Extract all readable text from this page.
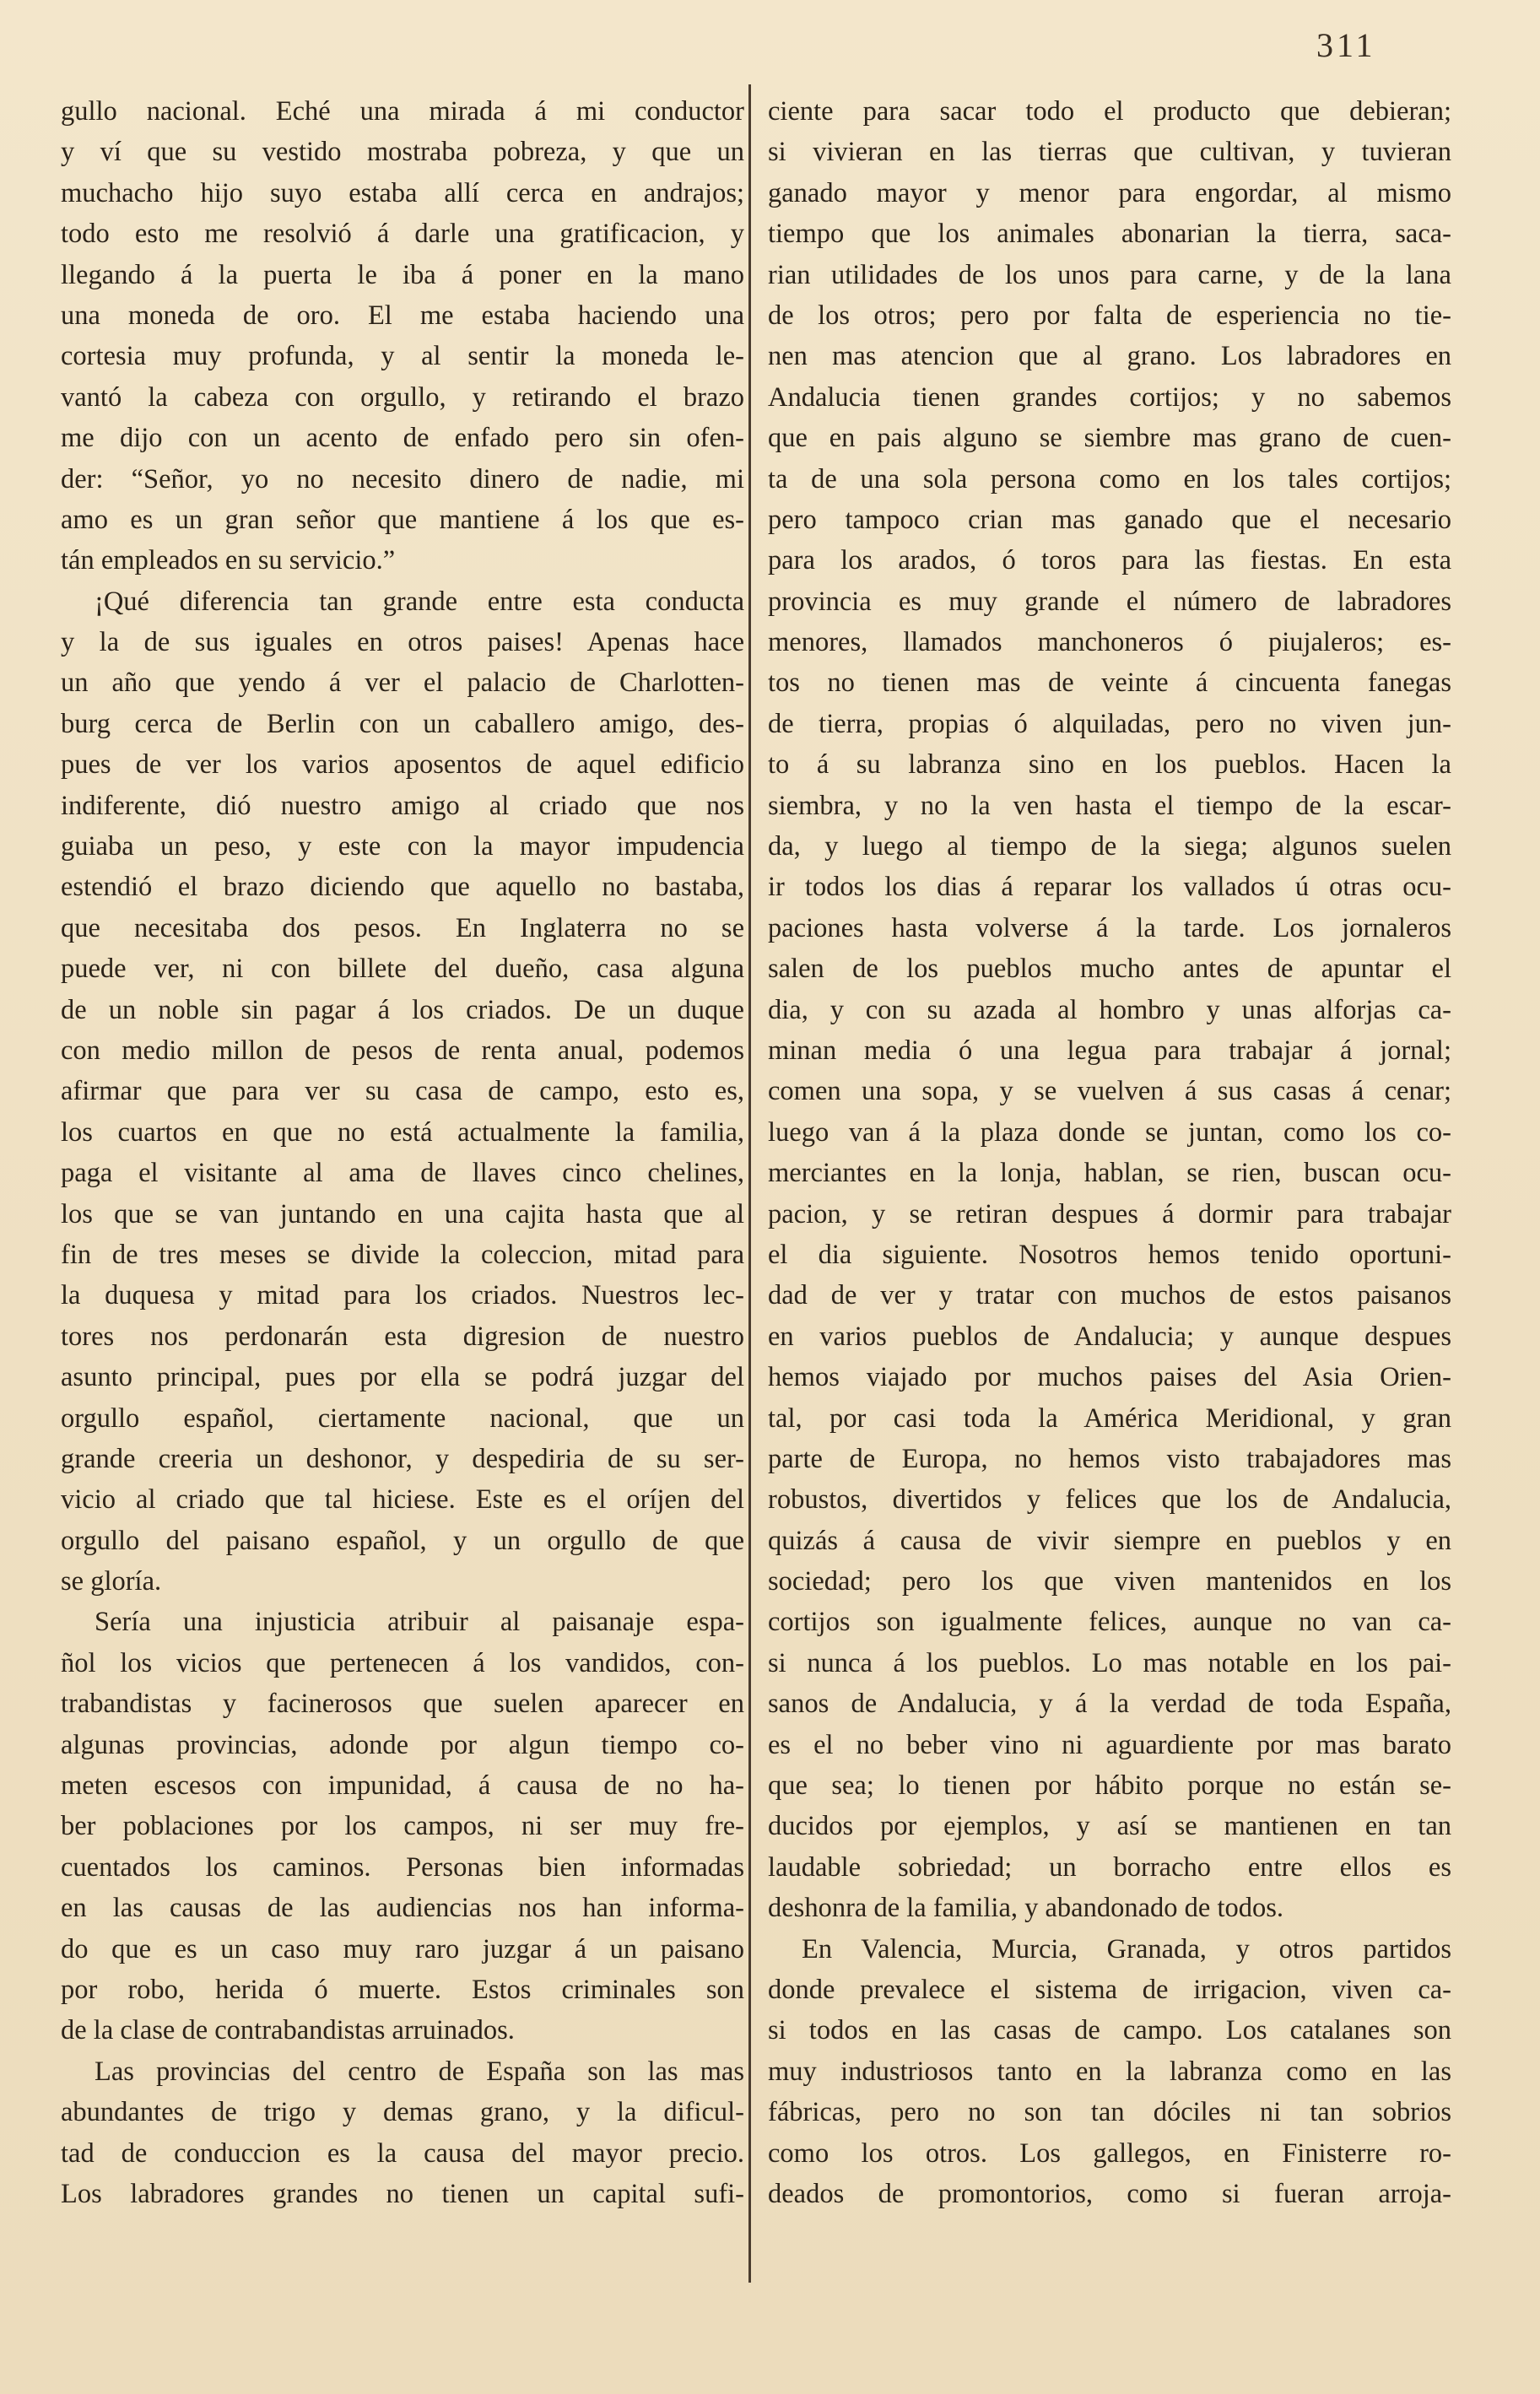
311
gullo nacional. Eché una mirada á mi conductor
y ví que su vestido mostraba pobreza, y que un
muchacho hijo suyo estaba allí cerca en andrajos;
todo esto me resolvió á darle una gratificacion, y
llegando á la puerta le iba á poner en la mano
una moneda de oro. El me estaba haciendo una
cortesia muy profunda, y al sentir la moneda le-
vantó la cabeza con orgullo, y retirando el brazo
me dijo con un acento de enfado pero sin ofen-
der: “Señor, yo no necesito dinero de nadie, mi
amo es un gran señor que mantiene á los que es-
tán empleados en su servicio.”
¡Qué diferencia tan grande entre esta conducta
y la de sus iguales en otros paises! Apenas hace
un año que yendo á ver el palacio de Charlotten-
burg cerca de Berlin con un caballero amigo, des-
pues de ver los varios aposentos de aquel edificio
indiferente, dió nuestro amigo al criado que nos
guiaba un peso, y este con la mayor impudencia
estendió el brazo diciendo que aquello no bastaba,
que necesitaba dos pesos. En Inglaterra no se
puede ver, ni con billete del dueño, casa alguna
de un noble sin pagar á los criados. De un duque
con medio millon de pesos de renta anual, podemos
afirmar que para ver su casa de campo, esto es,
los cuartos en que no está actualmente la familia,
paga el visitante al ama de llaves cinco chelines,
los que se van juntando en una cajita hasta que al
fin de tres meses se divide la coleccion, mitad para
la duquesa y mitad para los criados. Nuestros lec-
tores nos perdonarán esta digresion de nuestro
asunto principal, pues por ella se podrá juzgar del
orgullo español, ciertamente nacional, que un
grande creeria un deshonor, y despediria de su ser-
vicio al criado que tal hiciese. Este es el oríjen del
orgullo del paisano español, y un orgullo de que
se gloría.
Sería una injusticia atribuir al paisanaje espa-
ñol los vicios que pertenecen á los vandidos, con-
trabandistas y facinerosos que suelen aparecer en
algunas provincias, adonde por algun tiempo co-
meten escesos con impunidad, á causa de no ha-
ber poblaciones por los campos, ni ser muy fre-
cuentados los caminos. Personas bien informadas
en las causas de las audiencias nos han informa-
do que es un caso muy raro juzgar á un paisano
por robo, herida ó muerte. Estos criminales son
de la clase de contrabandistas arruinados.
Las provincias del centro de España son las mas
abundantes de trigo y demas grano, y la dificul-
tad de conduccion es la causa del mayor precio.
Los labradores grandes no tienen un capital sufi-
ciente para sacar todo el producto que debieran;
si vivieran en las tierras que cultivan, y tuvieran
ganado mayor y menor para engordar, al mismo
tiempo que los animales abonarian la tierra, saca-
rian utilidades de los unos para carne, y de la lana
de los otros; pero por falta de esperiencia no tie-
nen mas atencion que al grano. Los labradores en
Andalucia tienen grandes cortijos; y no sabemos
que en pais alguno se siembre mas grano de cuen-
ta de una sola persona como en los tales cortijos;
pero tampoco crian mas ganado que el necesario
para los arados, ó toros para las fiestas. En esta
provincia es muy grande el número de labradores
menores, llamados manchoneros ó piujaleros; es-
tos no tienen mas de veinte á cincuenta fanegas
de tierra, propias ó alquiladas, pero no viven jun-
to á su labranza sino en los pueblos. Hacen la
siembra, y no la ven hasta el tiempo de la escar-
da, y luego al tiempo de la siega; algunos suelen
ir todos los dias á reparar los vallados ú otras ocu-
paciones hasta volverse á la tarde. Los jornaleros
salen de los pueblos mucho antes de apuntar el
dia, y con su azada al hombro y unas alforjas ca-
minan media ó una legua para trabajar á jornal;
comen una sopa, y se vuelven á sus casas á cenar;
luego van á la plaza donde se juntan, como los co-
merciantes en la lonja, hablan, se rien, buscan ocu-
pacion, y se retiran despues á dormir para trabajar
el dia siguiente. Nosotros hemos tenido oportuni-
dad de ver y tratar con muchos de estos paisanos
en varios pueblos de Andalucia; y aunque despues
hemos viajado por muchos paises del Asia Orien-
tal, por casi toda la América Meridional, y gran
parte de Europa, no hemos visto trabajadores mas
robustos, divertidos y felices que los de Andalucia,
quizás á causa de vivir siempre en pueblos y en
sociedad; pero los que viven mantenidos en los
cortijos son igualmente felices, aunque no van ca-
si nunca á los pueblos. Lo mas notable en los pai-
sanos de Andalucia, y á la verdad de toda España,
es el no beber vino ni aguardiente por mas barato
que sea; lo tienen por hábito porque no están se-
ducidos por ejemplos, y así se mantienen en tan
laudable sobriedad; un borracho entre ellos es
deshonra de la familia, y abandonado de todos.
En Valencia, Murcia, Granada, y otros partidos
donde prevalece el sistema de irrigacion, viven ca-
si todos en las casas de campo. Los catalanes son
muy industriosos tanto en la labranza como en las
fábricas, pero no son tan dóciles ni tan sobrios
como los otros. Los gallegos, en Finisterre ro-
deados de promontorios, como si fueran arroja-
